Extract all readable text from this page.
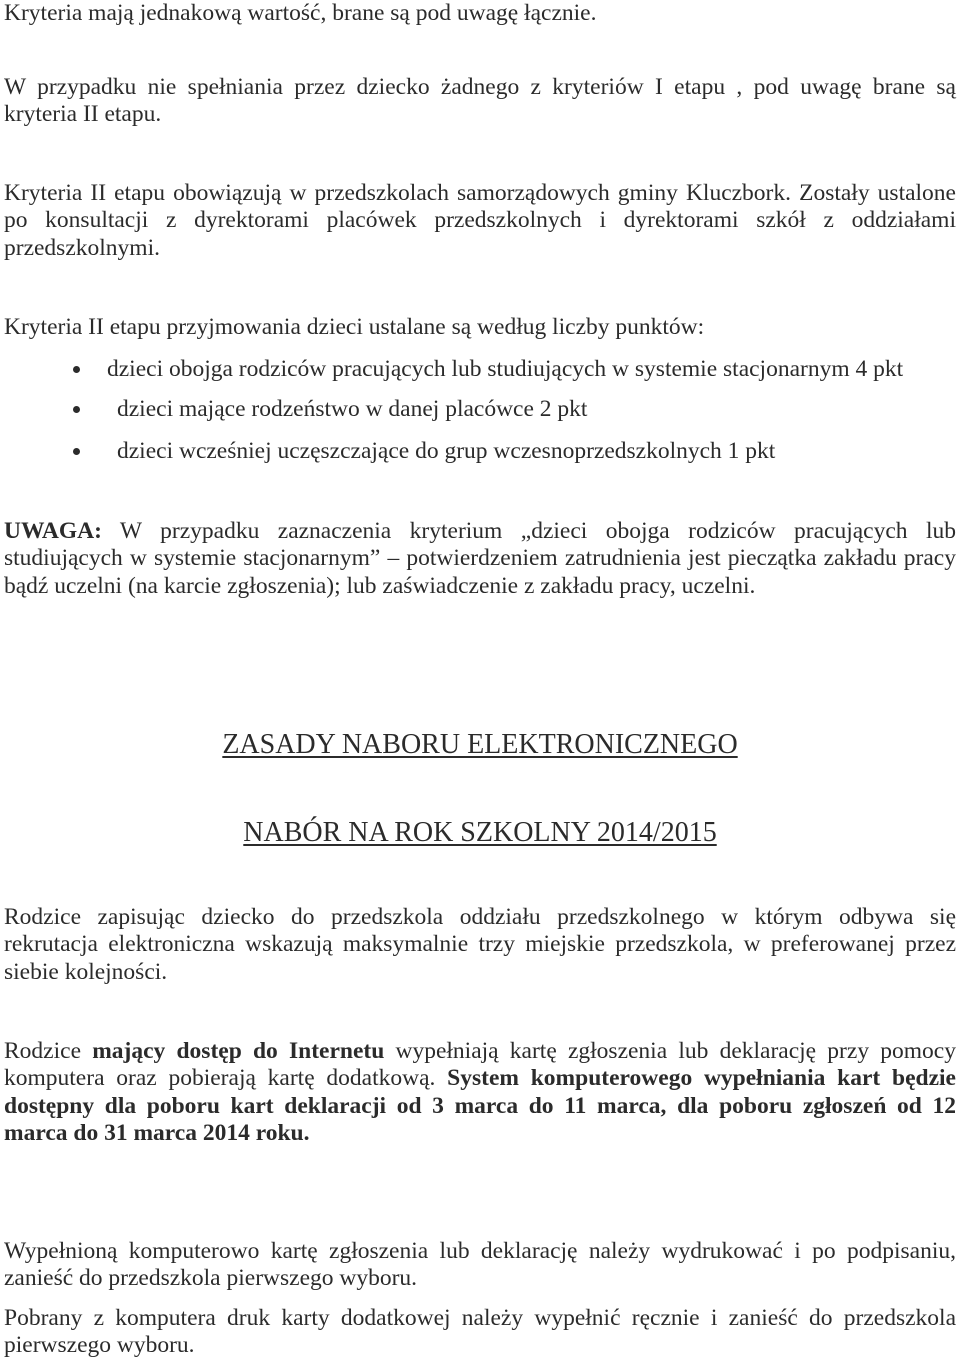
Kryteria mają jednakową wartość, brane są pod uwagę łącznie.
W przypadku nie spełniania przez dziecko żadnego z kryteriów I etapu , pod uwagę brane są
kryteria II etapu.
Kryteria II etapu obowiązują w przedszkolach samorządowych gminy Kluczbork. Zostały ustalone
po konsultacji z dyrektorami placówek przedszkolnych i dyrektorami szkół z oddziałami
przedszkolnymi.
Kryteria II etapu przyjmowania dzieci ustalane są według liczby punktów:
dzieci obojga rodziców pracujących lub studiujących w systemie stacjonarnym 4 pkt
dzieci mające rodzeństwo w danej placówce 2 pkt
dzieci wcześniej uczęszczające do grup wczesnoprzedszkolnych 1 pkt
UWAGA: W przypadku zaznaczenia kryterium „dzieci obojga rodziców pracujących lub
studiujących w systemie stacjonarnym” – potwierdzeniem zatrudnienia jest pieczątka zakładu pracy
bądź uczelni (na karcie zgłoszenia); lub zaświadczenie z zakładu pracy, uczelni.
ZASADY NABORU ELEKTRONICZNEGO
NABÓR NA ROK SZKOLNY 2014/2015
Rodzice zapisując dziecko do przedszkola oddziału przedszkolnego w którym odbywa się
rekrutacja elektroniczna wskazują maksymalnie trzy miejskie przedszkola, w preferowanej przez
siebie kolejności.
Rodzice mający dostęp do Internetu wypełniają kartę zgłoszenia lub deklarację przy pomocy
komputera oraz pobierają kartę dodatkową. System komputerowego wypełniania kart będzie
dostępny dla poboru kart deklaracji od 3 marca do 11 marca, dla poboru zgłoszeń od 12
marca do 31 marca 2014 roku.
Wypełnioną komputerowo kartę zgłoszenia lub deklarację należy wydrukować i po podpisaniu,
zanieść do przedszkola pierwszego wyboru.
Pobrany z komputera druk karty dodatkowej należy wypełnić ręcznie i zanieść do przedszkola
pierwszego wyboru.
